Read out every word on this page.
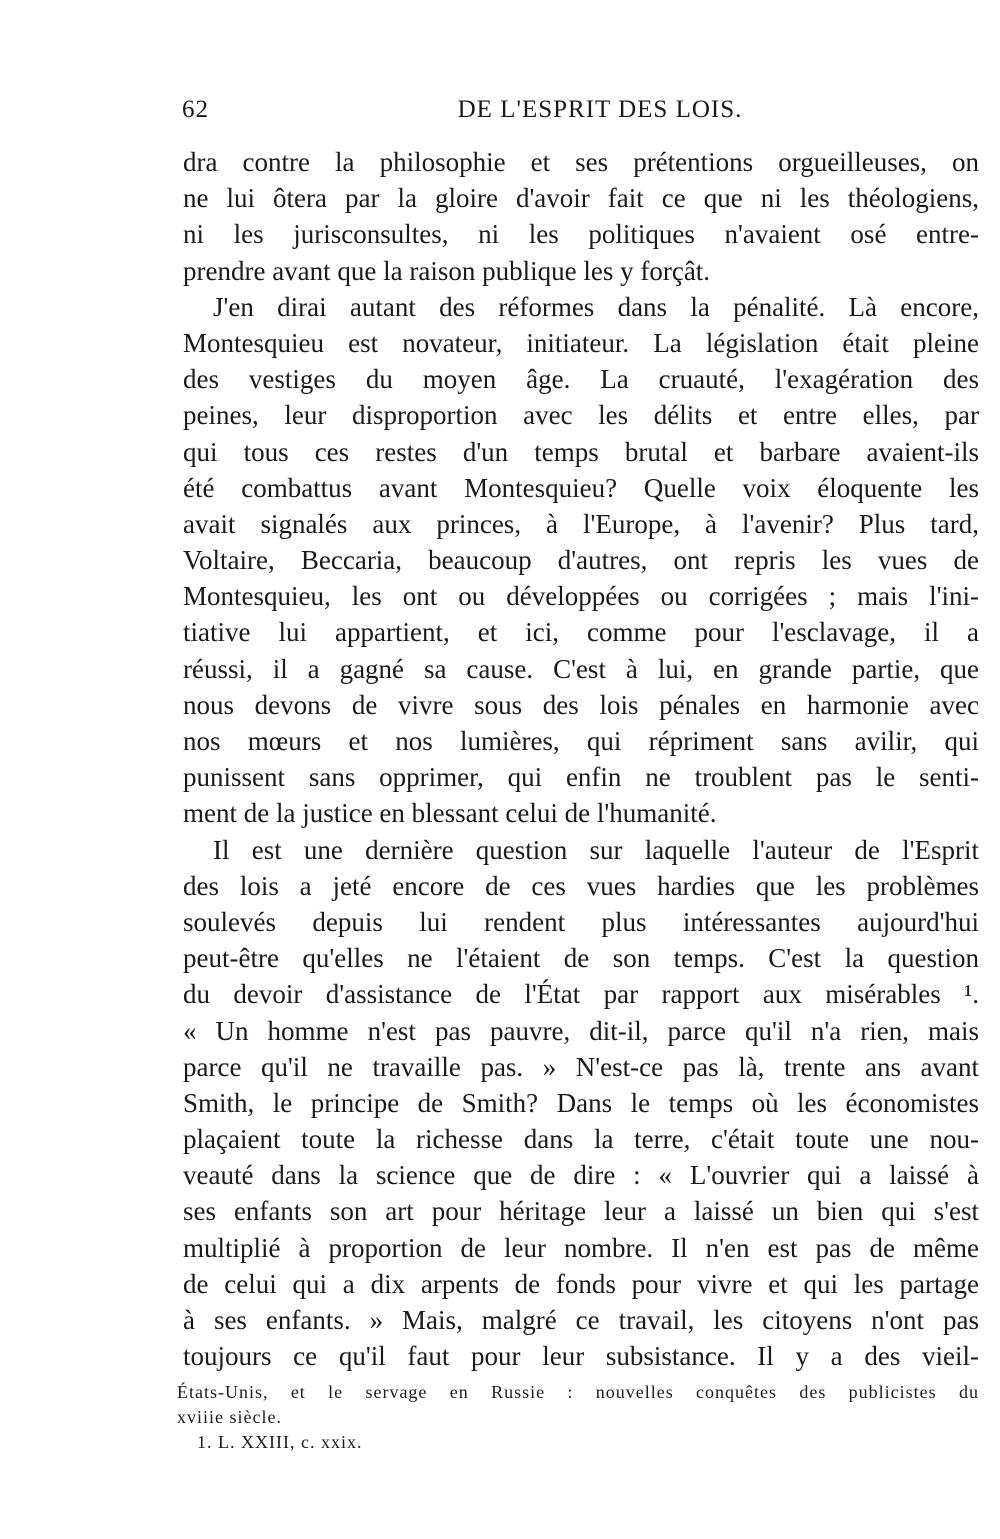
62	DE L'ESPRIT DES LOIS.
dra contre la philosophie et ses prétentions orgueilleuses, on
ne lui ôtera par la gloire d'avoir fait ce que ni les théologiens,
ni les jurisconsultes, ni les politiques n'avaient osé entre-
prendre avant que la raison publique les y forçât.
J'en dirai autant des réformes dans la pénalité. Là encore,
Montesquieu est novateur, initiateur. La législation était pleine
des vestiges du moyen âge. La cruauté, l'exagération des
peines, leur disproportion avec les délits et entre elles, par
qui tous ces restes d'un temps brutal et barbare avaient-ils
été combattus avant Montesquieu? Quelle voix éloquente les
avait signalés aux princes, à l'Europe, à l'avenir? Plus tard,
Voltaire, Beccaria, beaucoup d'autres, ont repris les vues de
Montesquieu, les ont ou développées ou corrigées ; mais l'ini-
tiative lui appartient, et ici, comme pour l'esclavage, il a
réussi, il a gagné sa cause. C'est à lui, en grande partie, que
nous devons de vivre sous des lois pénales en harmonie avec
nos mœurs et nos lumières, qui répriment sans avilir, qui
punissent sans opprimer, qui enfin ne troublent pas le senti-
ment de la justice en blessant celui de l'humanité.
Il est une dernière question sur laquelle l'auteur de l'Esprit
des lois a jeté encore de ces vues hardies que les problèmes
soulevés depuis lui rendent plus intéressantes aujourd'hui
peut-être qu'elles ne l'étaient de son temps. C'est la question
du devoir d'assistance de l'État par rapport aux misérables ¹.
« Un homme n'est pas pauvre, dit-il, parce qu'il n'a rien, mais
parce qu'il ne travaille pas. » N'est-ce pas là, trente ans avant
Smith, le principe de Smith? Dans le temps où les économistes
plaçaient toute la richesse dans la terre, c'était toute une nou-
veauté dans la science que de dire : « L'ouvrier qui a laissé à
ses enfants son art pour héritage leur a laissé un bien qui s'est
multiplié à proportion de leur nombre. Il n'en est pas de même
de celui qui a dix arpents de fonds pour vivre et qui les partage
à ses enfants. » Mais, malgré ce travail, les citoyens n'ont pas
toujours ce qu'il faut pour leur subsistance. Il y a des vieil-
États-Unis, et le servage en Russie : nouvelles conquêtes des publicistes du
xviiie siècle.
1. L. XXIII, c. xxix.
